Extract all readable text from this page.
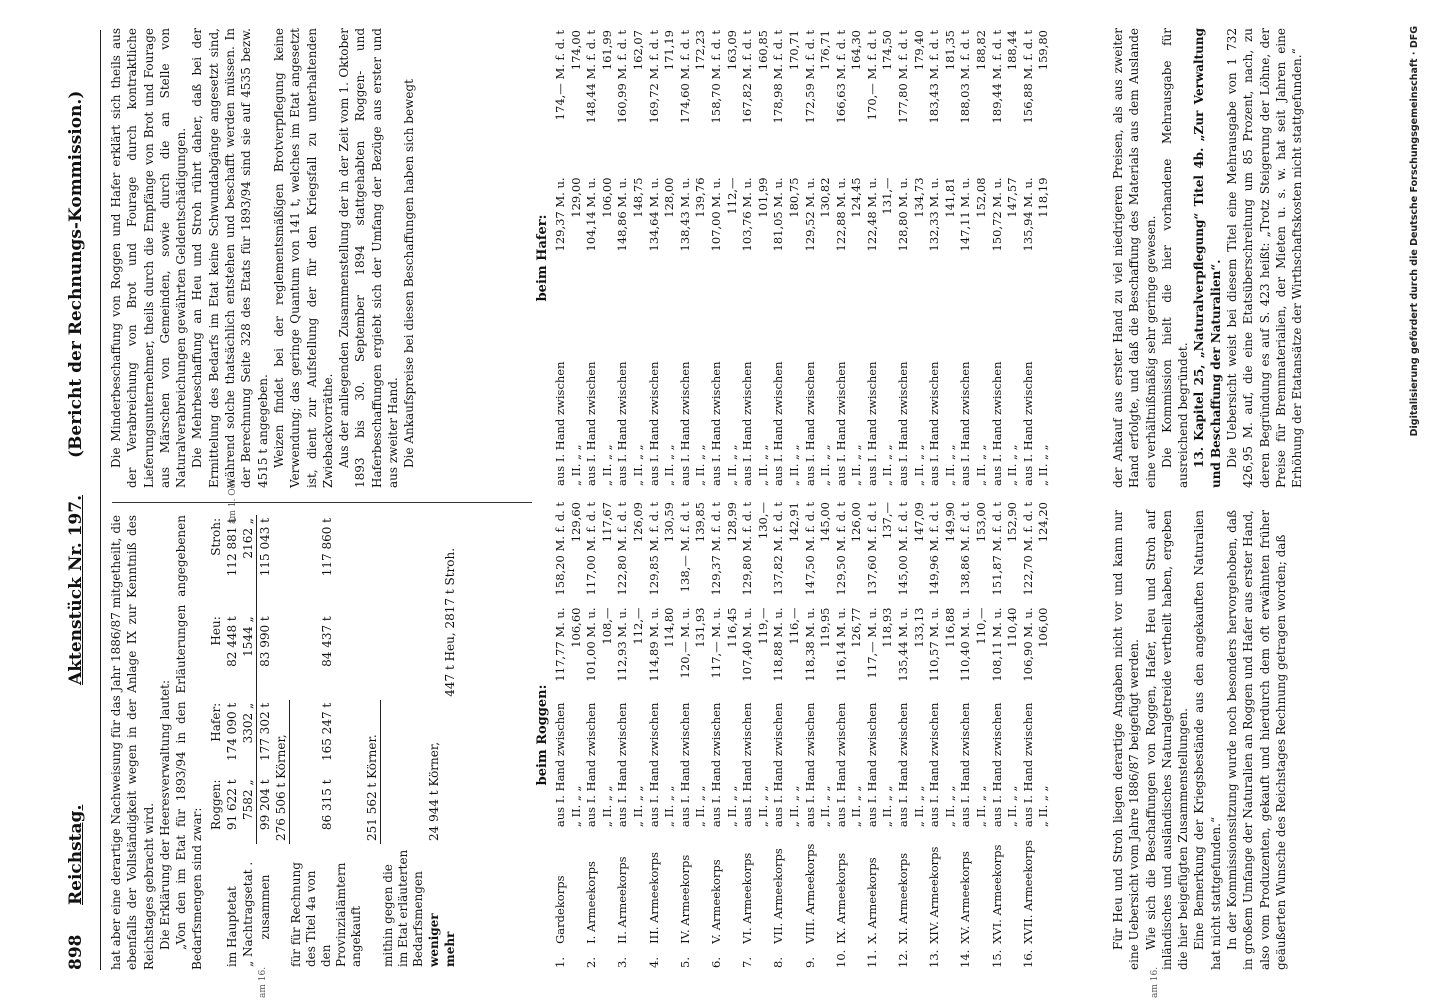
898
Reichstag.
Aktenstück Nr. 197.
(Bericht der Rechnungs-Kommission.)

hat aber eine derartige Nachweisung für das Jahr 1886/87 mitgetheilt, die ebenfalls der Vollständigkeit wegen in der Anlage IX zur Kenntniß des Reichstages gebracht wird. Die Erklärung der Heeresverwaltung lautet: „Von den im Etat für 1893/94 in den Erläuterungen angegebenen Bedarfsmengen sind zwar:

	Roggen:	Hafer:	Heu:	Stroh:
im Hauptetat	91 622 t	174 090 t	82 448 t	112 881 t
„ Nachtragsetat .	7582 „	3302 „	1544 „	2162 „
zusammen	99 204 t	177 302 t	83 990 t	115 043 t
	276 506 t Körner,			
für für Rechnung des Titel 4a von den Provinzialämtern angekauft	86 315 t	165 247 t	84 437 t	117 860 t
	251 562 t Körner.			
mithin gegen die im Etat erläuterten Bedarfsmengen				
weniger	24 944 t Körner,			
mehr			447 t Heu, 2817 t Stroh.	

Die Minderbeschaffung von Roggen und Hafer erklärt sich theils aus der Verabreichung von Brot und Fourage durch kontraktliche Lieferungsunternehmer, theils durch die Empfänge von Brot und Fourage aus Märschen von Gemeinden, sowie durch die an Stelle von Naturalverabreichungen gewährten Geldentschädigungen. Die Mehrbeschaffung an Heu und Stroh rührt daher, daß bei der Ermittelung des Bedarfs im Etat keine Schwundabgänge angesetzt sind, während solche thatsächlich entstehen und beschafft werden müssen. In der Berechnung Seite 328 des Etats für 1893/94 sind sie auf 4535 bezw. 4515 t angegeben. Weizen findet bei der reglementsmäßigen Brotverpflegung keine Verwendung; das geringe Quantum von 141 t, welches im Etat angesetzt ist, dient zur Aufstellung der für den Kriegsfall zu unterhaltenden Zwiebackvorräthe. Aus der anliegenden Zusammenstellung der in der Zeit vom 1. Oktober 1893 bis 30. September 1894 stattgehabten Roggen- und Haferbeschaffungen ergiebt sich der Umfang der Bezüge aus erster und aus zweiter Hand. Die Ankaufspreise bei diesen Beschaffungen haben sich bewegt

beim Roggen:
1.	Gardekorps	aus I. Hand zwischen	117,77 M. u.	158,20 M. f. d. t
		„ II. „ „	106,60	129,60
2.	I. Armeekorps	aus I. Hand zwischen	101,00 M. u.	117,00 M. f. d. t
		„ II. „ „	108,—	117,67
3.	II. Armeekorps	aus I. Hand zwischen	112,93 M. u.	122,80 M. f. d. t
		„ II. „ „	112,—	126,09
4.	III. Armeekorps	aus I. Hand zwischen	114,89 M. u.	129,85 M. f. d. t
		„ II. „ „	114,80	130,59
5.	IV. Armeekorps	aus I. Hand zwischen	120,— M. u.	138,— M. f. d. t
		„ II. „ „	131,93	139,85
6.	V. Armeekorps	aus I. Hand zwischen	117,— M. u.	129,37 M. f. d. t
		„ II. „ „	116,45	128,99
7.	VI. Armeekorps	aus I. Hand zwischen	107,40 M. u.	129,80 M. f. d. t
		„ II. „ „	119,—	130,—
8.	VII. Armeekorps	aus I. Hand zwischen	118,88 M. u.	137,82 M. f. d. t
		„ II. „ „	116,—	142,91
9.	VIII. Armeekorps	aus I. Hand zwischen	118,38 M. u.	147,50 M. f. d. t
		„ II. „ „	119,95	145,00
10.	IX. Armeekorps	aus I. Hand zwischen	116,14 M. u.	129,50 M. f. d. t
		„ II. „ „	126,77	126,00
11.	X. Armeekorps	aus I. Hand zwischen	117,— M. u.	137,60 M. f. d. t
		„ II. „ „	118,93	137,—
12.	XI. Armeekorps	aus I. Hand zwischen	135,44 M. u.	145,00 M. f. d. t
		„ II. „ „	133,13	147,09
13.	XIV. Armeekorps	aus I. Hand zwischen	110,57 M. u.	149,96 M. f. d. t
		„ II. „ „	116,88	149,90
14.	XV. Armeekorps	aus I. Hand zwischen	110,40 M. u.	138,86 M. f. d. t
		„ II. „ „	110,—	153,00
15.	XVI. Armeekorps	aus I. Hand zwischen	108,11 M. u.	151,87 M. f. d. t
		„ II. „ „	110,40	152,90
16.	XVII. Armeekorps	aus I. Hand zwischen	106,90 M. u.	122,70 M. f. d. t
		„ II. „ „	106,00	124,20
beim Hafer:
aus I. Hand zwischen	129,37 M. u.	174,— M. f. d. t
„ II. „ „	129,00	174,00
aus I. Hand zwischen	104,14 M. u.	148,44 M. f. d. t
„ II. „ „	106,00	161,99
aus I. Hand zwischen	148,86 M. u.	160,99 M. f. d. t
„ II. „ „	148,75	162,07
aus I. Hand zwischen	134,64 M. u.	169,72 M. f. d. t
„ II. „ „	128,00	171,19
aus I. Hand zwischen	138,43 M. u.	174,60 M. f. d. t
„ II. „ „	139,76	172,23
aus I. Hand zwischen	107,00 M. u.	158,70 M. f. d. t
„ II. „ „	112,—	163,09
aus I. Hand zwischen	103,76 M. u.	167,82 M. f. d. t
„ II. „ „	101,99	160,85
aus I. Hand zwischen	181,05 M. u.	178,98 M. f. d. t
„ II. „ „	180,75	170,71
aus I. Hand zwischen	129,52 M. u.	172,59 M. f. d. t
„ II. „ „	130,82	176,71
aus I. Hand zwischen	122,88 M. u.	166,63 M. f. d. t
„ II. „ „	124,45	164,30
aus I. Hand zwischen	122,48 M. u.	170,— M. f. d. t
„ II. „ „	131,—	174,50
aus I. Hand zwischen	128,80 M. u.	177,80 M. f. d. t
„ II. „ „	134,73	179,40
aus I. Hand zwischen	132,33 M. u.	183,43 M. f. d. t
„ II. „ „	141,81	181,35
aus I. Hand zwischen	147,11 M. u.	188,03 M. f. d. t
„ II. „ „	152,08	188,82
aus I. Hand zwischen	150,72 M. u.	189,44 M. f. d. t
„ II. „ „	147,57	188,44
aus I. Hand zwischen	135,94 M. u.	156,88 M. f. d. t
„ II. „ „	118,19	159,80

Für Heu und Stroh liegen derartige Angaben nicht vor und kann nur eine Uebersicht vom Jahre 1886/87 beigefügt werden. Wie sich die Beschaffungen von Roggen, Hafer, Heu und Stroh auf inländisches und ausländisches Naturalgetreide vertheilt haben, ergeben die hier beigefügten Zusammenstellungen. Eine Bemerkung der Kriegsbestände aus den angekauften Naturalien hat nicht stattgefunden.“ In der Kommissionssitzung wurde noch besonders hervorgehoben, daß in großem Umfange der Naturalien an Roggen und Hafer aus erster Hand, also vom Produzenten, gekauft und hierdurch dem oft erwähnten früher geäußerten Wunsche des Reichstages Rechnung getragen worden; daß

der Ankauf aus erster Hand zu viel niedrigeren Preisen, als aus zweiter Hand erfolgte, und daß die Beschaffung des Materials aus dem Auslande eine verhältnißmäßig sehr geringe gewesen. Die Kommission hielt die hier vorhandene Mehrausgabe für ausreichend begründet. 13. Kapitel 25, „Naturalverpflegung“ Titel 4b. „Zur Verwaltung und Beschaffung der Naturalien“. Die Uebersicht weist bei diesem Titel eine Mehrausgabe von 1 732 426,95 M. auf, die eine Etatsüberschreitung um 85 Prozent, nach, zu deren Begründung es auf S. 423 heißt: „Trotz Steigerung der Löhne, der Preise für Brennmaterialien, der Mieten u. s. w. hat seit Jahren eine Erhöhung der Etatansätze der Wirthschaftskosten nicht stattgefunden.“

am 16.
am 1. Oct.
am 16.
Digitalisierung gefördert durch die Deutsche Forschungsgemeinschaft · DFG
